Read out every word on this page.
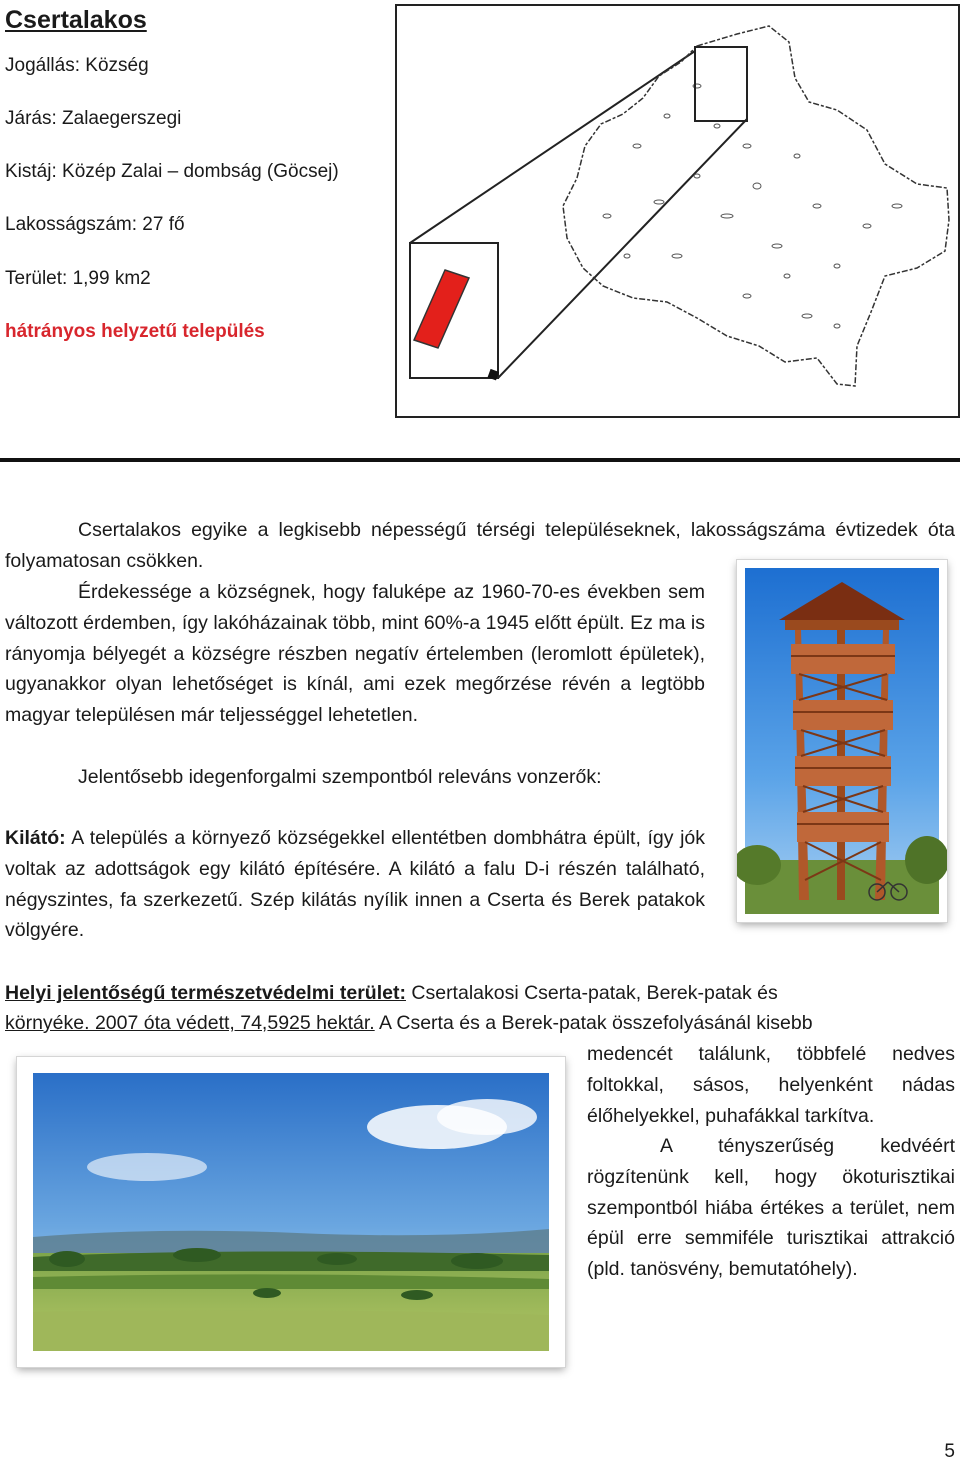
Csertalakos
Jogállás: Község
Járás: Zalaegerszegi
Kistáj: Közép Zalai – dombság (Göcsej)
Lakosságszám: 27 fő
Terület: 1,99 km2
hátrányos helyzetű település
Csertalakos egyike a legkisebb népességű térségi településeknek, lakosságszáma évtizedek óta folyamatosan csökken.
Érdekessége a községnek, hogy faluképe az 1960-70-es években sem változott érdemben, így lakóházainak több, mint 60%-a 1945 előtt épült. Ez ma is rányomja bélyegét a községre részben negatív értelemben (leromlott épületek), ugyanakkor olyan lehetőséget is kínál, ami ezek megőrzése révén a legtöbb magyar településen már teljességgel lehetetlen.
Jelentősebb idegenforgalmi szempontból releváns vonzerők:
Kilátó: A település a környező községekkel ellentétben dombhátra épült, így jók voltak az adottságok egy kilátó építésére. A kilátó a falu D-i részén található, négyszintes, fa szerkezetű. Szép kilátás nyílik innen a Cserta és Berek patakok völgyére.
Helyi jelentőségű természetvédelmi terület: Csertalakosi Cserta-patak, Berek-patak és
környéke. 2007 óta védett, 74,5925 hektár. A Cserta és a Berek-patak összefolyásánál kisebb
medencét találunk, többfelé nedves foltokkal, sásos, helyenként nádas élőhelyekkel, puhafákkal tarkítva.
A tényszerűség kedvéért rögzítenünk kell, hogy ökoturisztikai szempontból hiába értékes a terület, nem épül erre semmiféle turisztikai attrakció (pld. tanösvény, bemutatóhely).
5
